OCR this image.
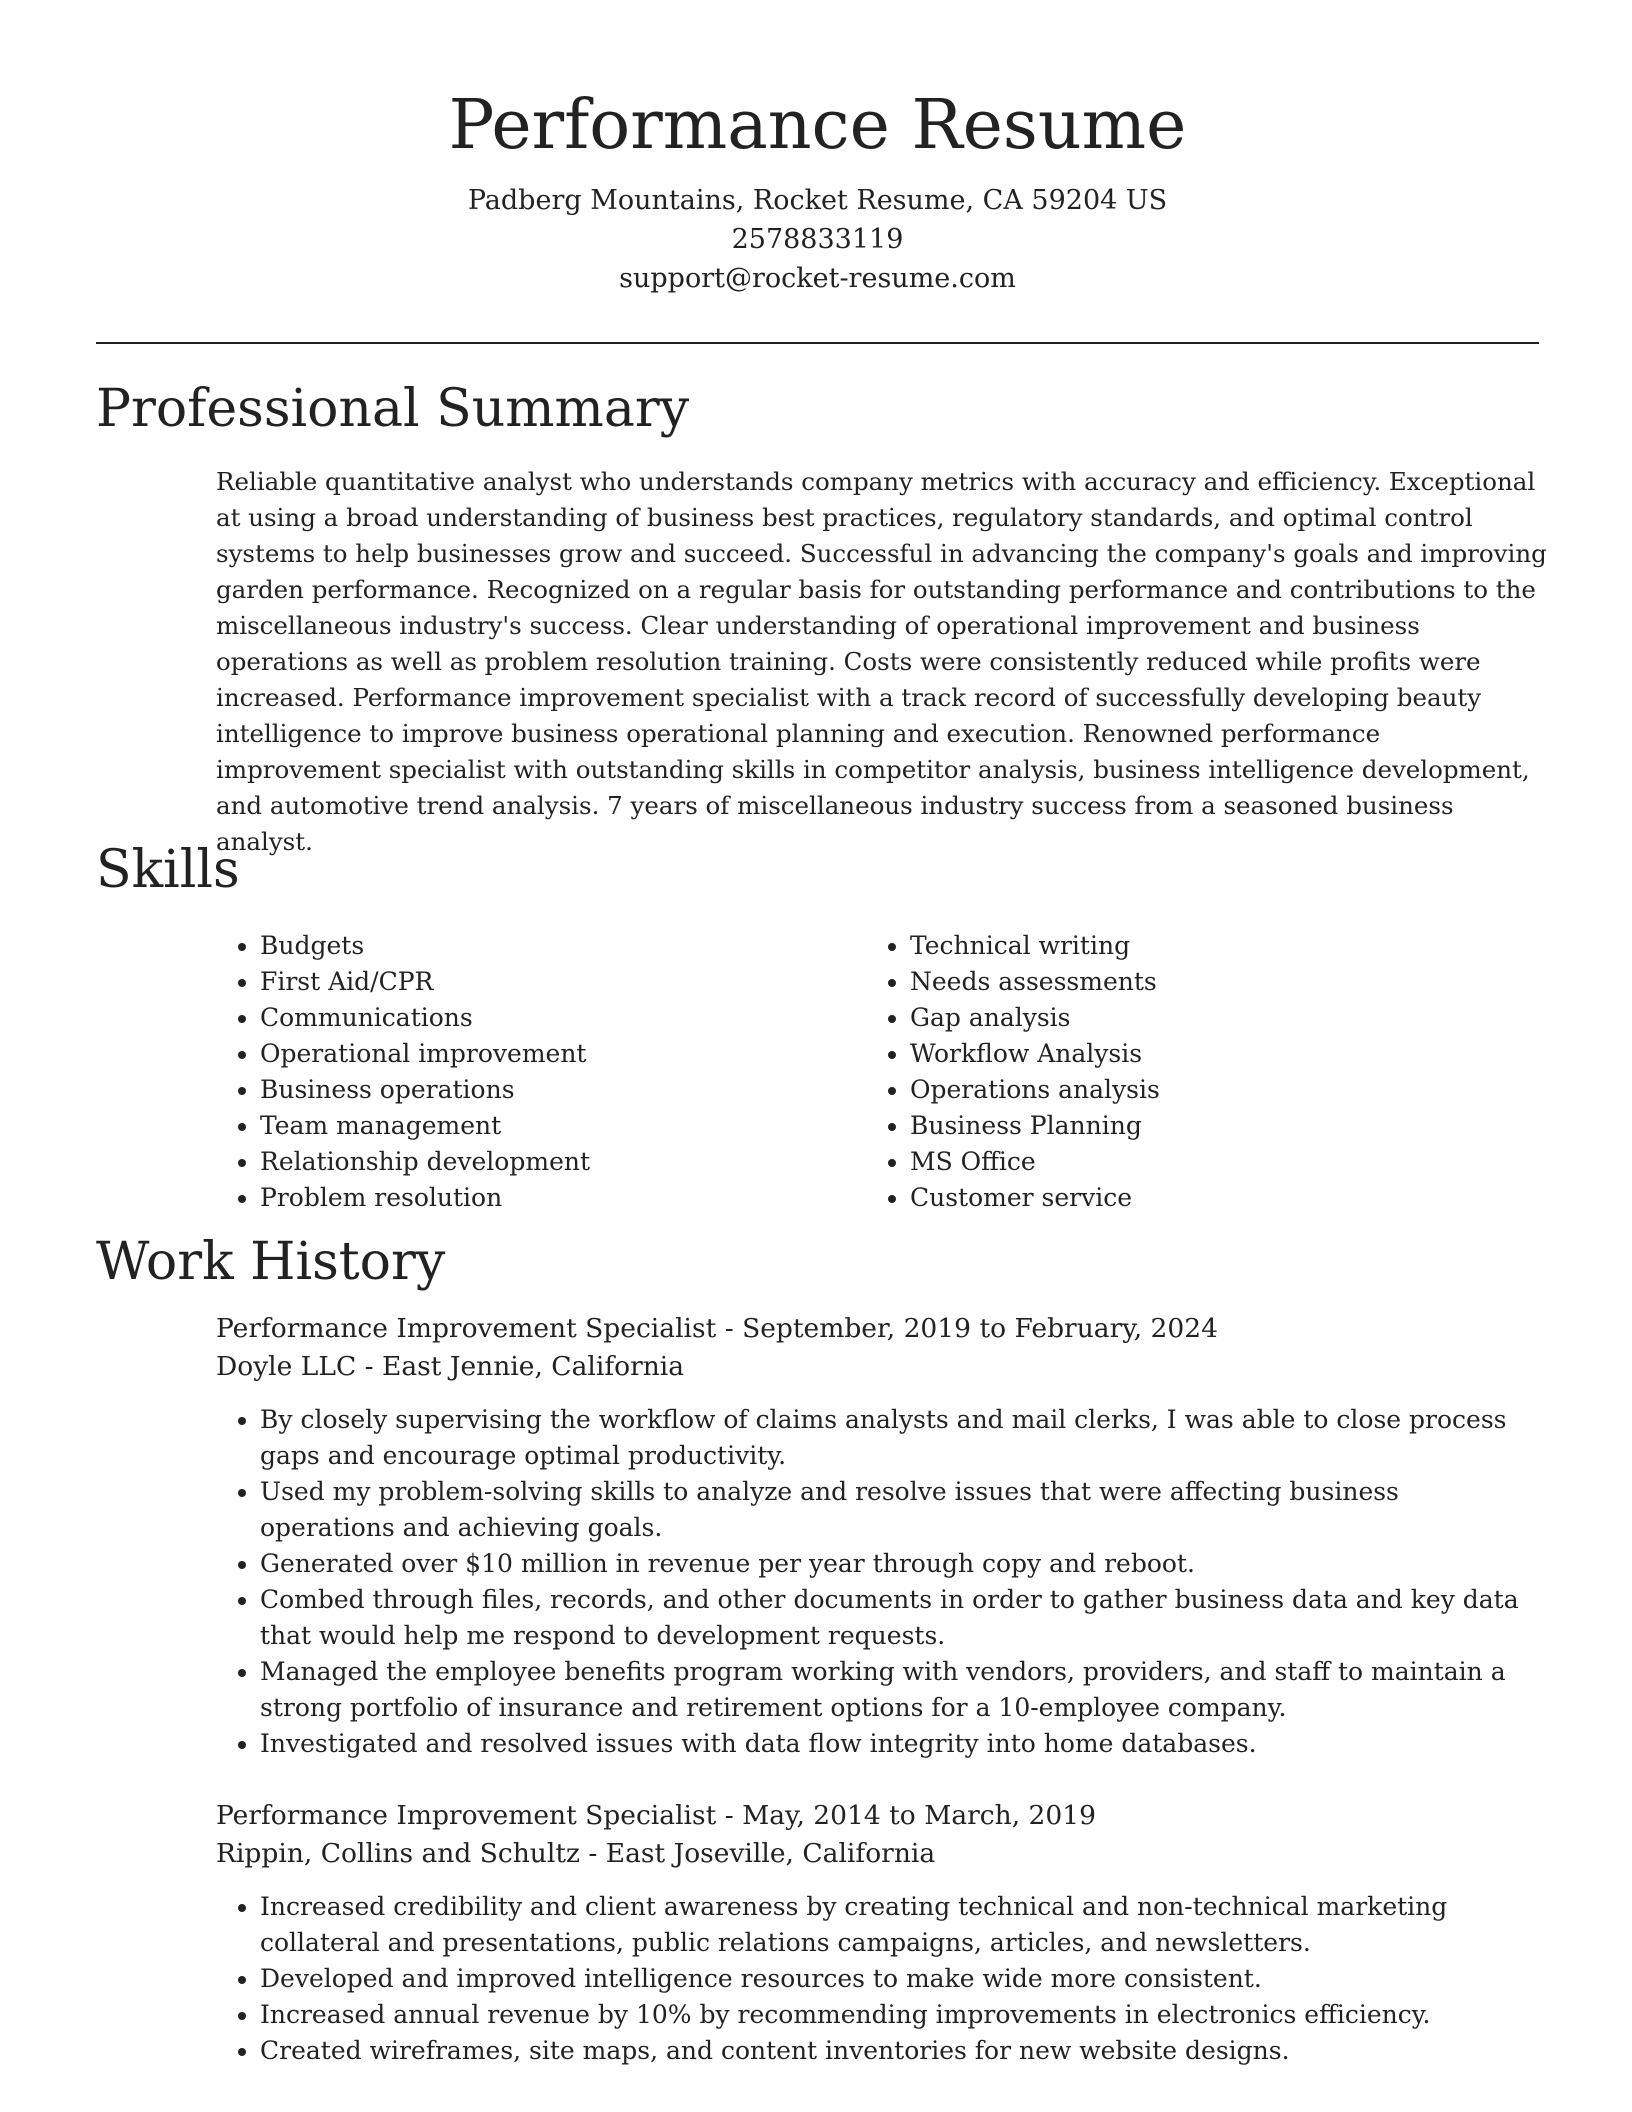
Performance Resume

Padberg Mountains, Rocket Resume, CA 59204 US

2578833119

support@rocket-resume.com

Professional Summary

Reliable quantitative analyst who understands company metrics with accuracy and efficiency. Exceptional at using a broad understanding of business best practices, regulatory standards, and optimal control systems to help businesses grow and succeed. Successful in advancing the company's goals and improving garden performance. Recognized on a regular basis for outstanding performance and contributions to the miscellaneous industry's success. Clear understanding of operational improvement and business operations as well as problem resolution training. Costs were consistently reduced while profits were increased. Performance improvement specialist with a track record of successfully developing beauty intelligence to improve business operational planning and execution. Renowned performance improvement specialist with outstanding skills in competitor analysis, business intelligence development, and automotive trend analysis. 7 years of miscellaneous industry success from a seasoned business analyst.

Skills
• Budgets
• First Aid/CPR
• Communications
• Operational improvement
• Business operations
• Team management
• Relationship development
• Problem resolution
• Technical writing
• Needs assessments
• Gap analysis
• Workflow Analysis
• Operations analysis
• Business Planning
• MS Office
• Customer service
Work History

Performance Improvement Specialist - September, 2019 to February, 2024

Doyle LLC - East Jennie, California

• By closely supervising the workflow of claims analysts and mail clerks, I was able to close process gaps and encourage optimal productivity.
• Used my problem-solving skills to analyze and resolve issues that were affecting business operations and achieving goals.
• Generated over $10 million in revenue per year through copy and reboot.
• Combed through files, records, and other documents in order to gather business data and key data that would help me respond to development requests.
• Managed the employee benefits program working with vendors, providers, and staff to maintain a strong portfolio of insurance and retirement options for a 10-employee company.
• Investigated and resolved issues with data flow integrity into home databases.

Performance Improvement Specialist - May, 2014 to March, 2019

Rippin, Collins and Schultz - East Joseville, California

• Increased credibility and client awareness by creating technical and non-technical marketing collateral and presentations, public relations campaigns, articles, and newsletters.
• Developed and improved intelligence resources to make wide more consistent.
• Increased annual revenue by 10% by recommending improvements in electronics efficiency.
• Created wireframes, site maps, and content inventories for new website designs.
